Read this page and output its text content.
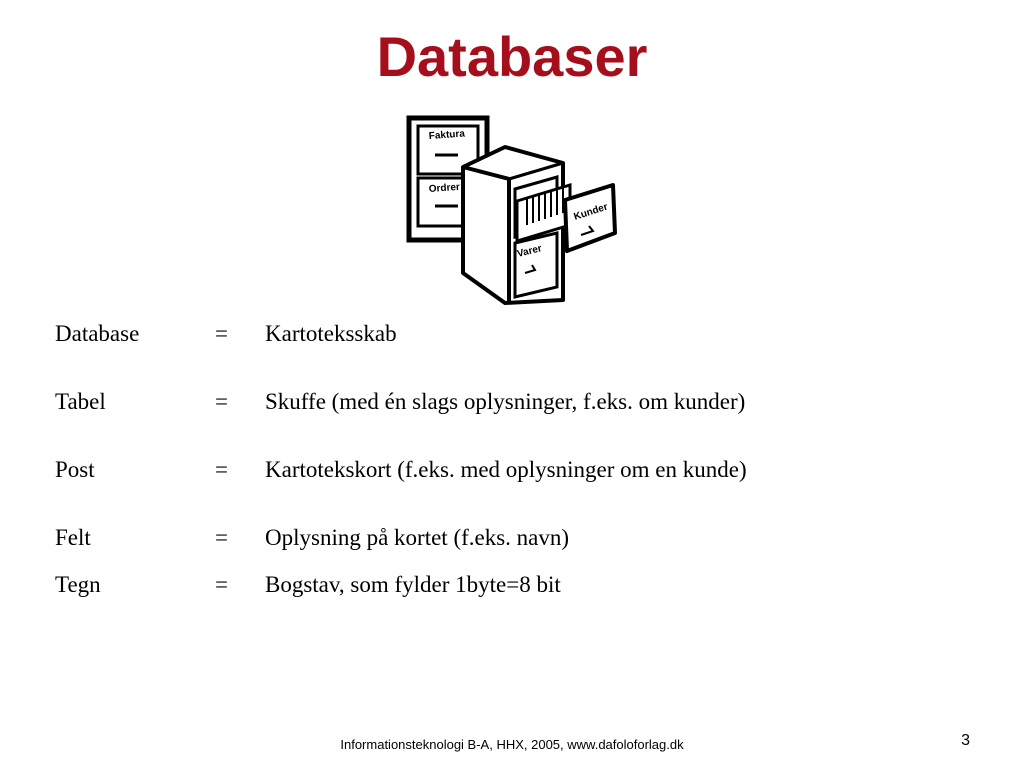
Databaser
Faktura
Ordrer
Varer
Kunder
Database	= Kartoteksskab
Tabel	= Skuffe (med én slags oplysninger, f.eks. om kunder)
Post	= Kartotekskort (f.eks. med oplysninger om en kunde)
Felt	= Oplysning på kortet (f.eks. navn)
Tegn	= Bogstav, som fylder 1byte=8 bit
Informationsteknologi B-A, HHX, 2005, www.dafoloforlag.dk	3
